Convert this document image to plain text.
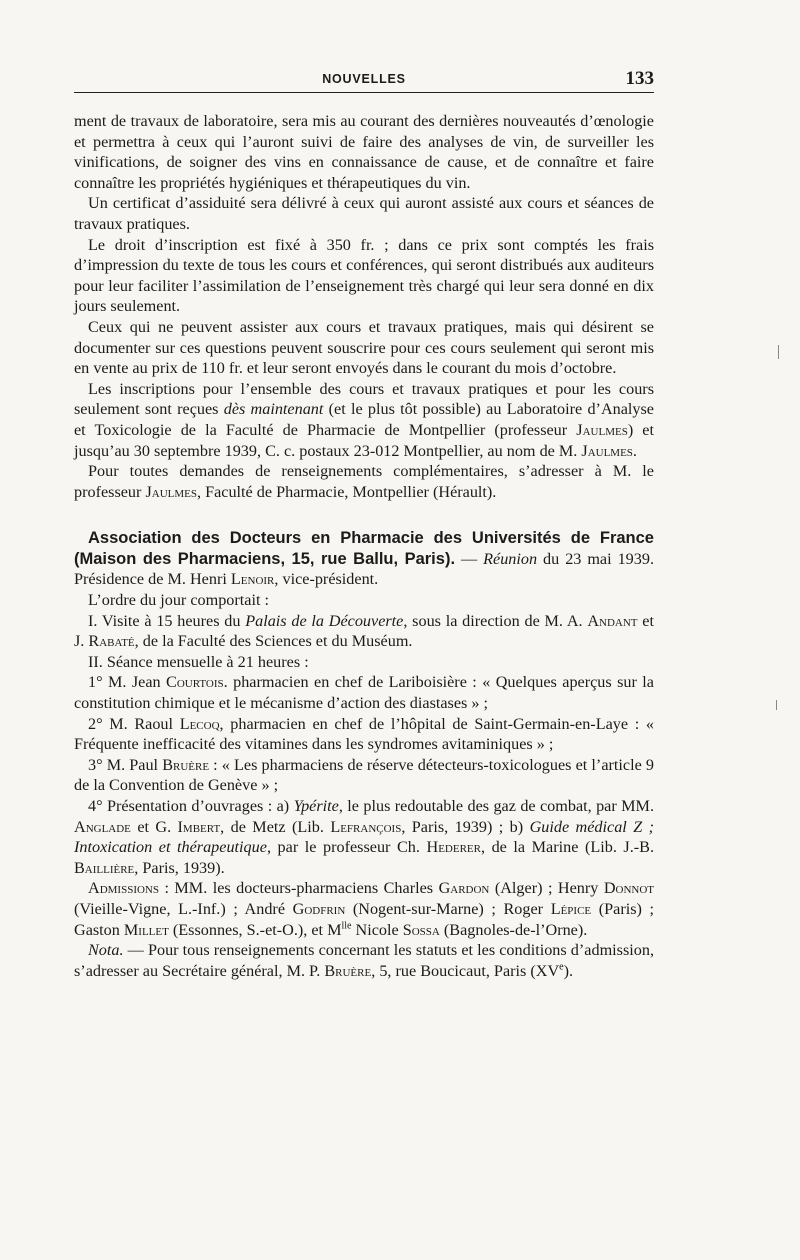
NOUVELLES	133

ment de travaux de laboratoire, sera mis au courant des dernières nouveautés d’œnologie et permettra à ceux qui l’auront suivi de faire des analyses de vin, de surveiller les vinifications, de soigner des vins en connaissance de cause, et de connaître et faire connaître les propriétés hygiéniques et thérapeutiques du vin.

Un certificat d’assiduité sera délivré à ceux qui auront assisté aux cours et séances de travaux pratiques.

Le droit d’inscription est fixé à 350 fr. ; dans ce prix sont comptés les frais d’impression du texte de tous les cours et conférences, qui seront distribués aux auditeurs pour leur faciliter l’assimilation de l’enseignement très chargé qui leur sera donné en dix jours seulement.

Ceux qui ne peuvent assister aux cours et travaux pratiques, mais qui désirent se documenter sur ces questions peuvent souscrire pour ces cours seulement qui seront mis en vente au prix de 110 fr. et leur seront envoyés dans le courant du mois d’octobre.

Les inscriptions pour l’ensemble des cours et travaux pratiques et pour les cours seulement sont reçues dès maintenant (et le plus tôt possible) au Laboratoire d’Analyse et Toxicologie de la Faculté de Pharmacie de Montpellier (professeur Jaulmes) et jusqu’au 30 septembre 1939, C. c. postaux 23-012 Montpellier, au nom de M. Jaulmes.

Pour toutes demandes de renseignements complémentaires, s’adresser à M. le professeur Jaulmes, Faculté de Pharmacie, Montpellier (Hérault).

Association des Docteurs en Pharmacie des Universités de France (Maison des Pharmaciens, 15, rue Ballu, Paris). — Réunion du 23 mai 1939. Présidence de M. Henri Lenoir, vice-président.

L’ordre du jour comportait :

I. Visite à 15 heures du Palais de la Découverte, sous la direction de M. A. Andant et J. Rabaté, de la Faculté des Sciences et du Muséum.

II. Séance mensuelle à 21 heures :

1° M. Jean Courtois. pharmacien en chef de Lariboisière : « Quelques aperçus sur la constitution chimique et le mécanisme d’action des diastases » ;

2° M. Raoul Lecoq, pharmacien en chef de l’hôpital de Saint-Germain-en-Laye : « Fréquente inefficacité des vitamines dans les syndromes avitaminiques » ;

3° M. Paul Bruère : « Les pharmaciens de réserve détecteurs-toxicologues et l’article 9 de la Convention de Genève » ;

4° Présentation d’ouvrages : a) Ypérite, le plus redoutable des gaz de combat, par MM. Anglade et G. Imbert, de Metz (Lib. Lefrançois, Paris, 1939) ; b) Guide médical Z ; Intoxication et thérapeutique, par le professeur Ch. Hederer, de la Marine (Lib. J.-B. Baillière, Paris, 1939).

Admissions : MM. les docteurs-pharmaciens Charles Gardon (Alger) ; Henry Donnot (Vieille-Vigne, L.-Inf.) ; André Godfrin (Nogent-sur-Marne) ; Roger Lépice (Paris) ; Gaston Millet (Essonnes, S.-et-O.), et $M^{lle}$ Nicole Sossa (Bagnoles-de-l’Orne).

Nota. — Pour tous renseignements concernant les statuts et les conditions d’admission, s’adresser au Secrétaire général, M. P. Bruère, 5, rue Boucicaut, Paris (XVe).
